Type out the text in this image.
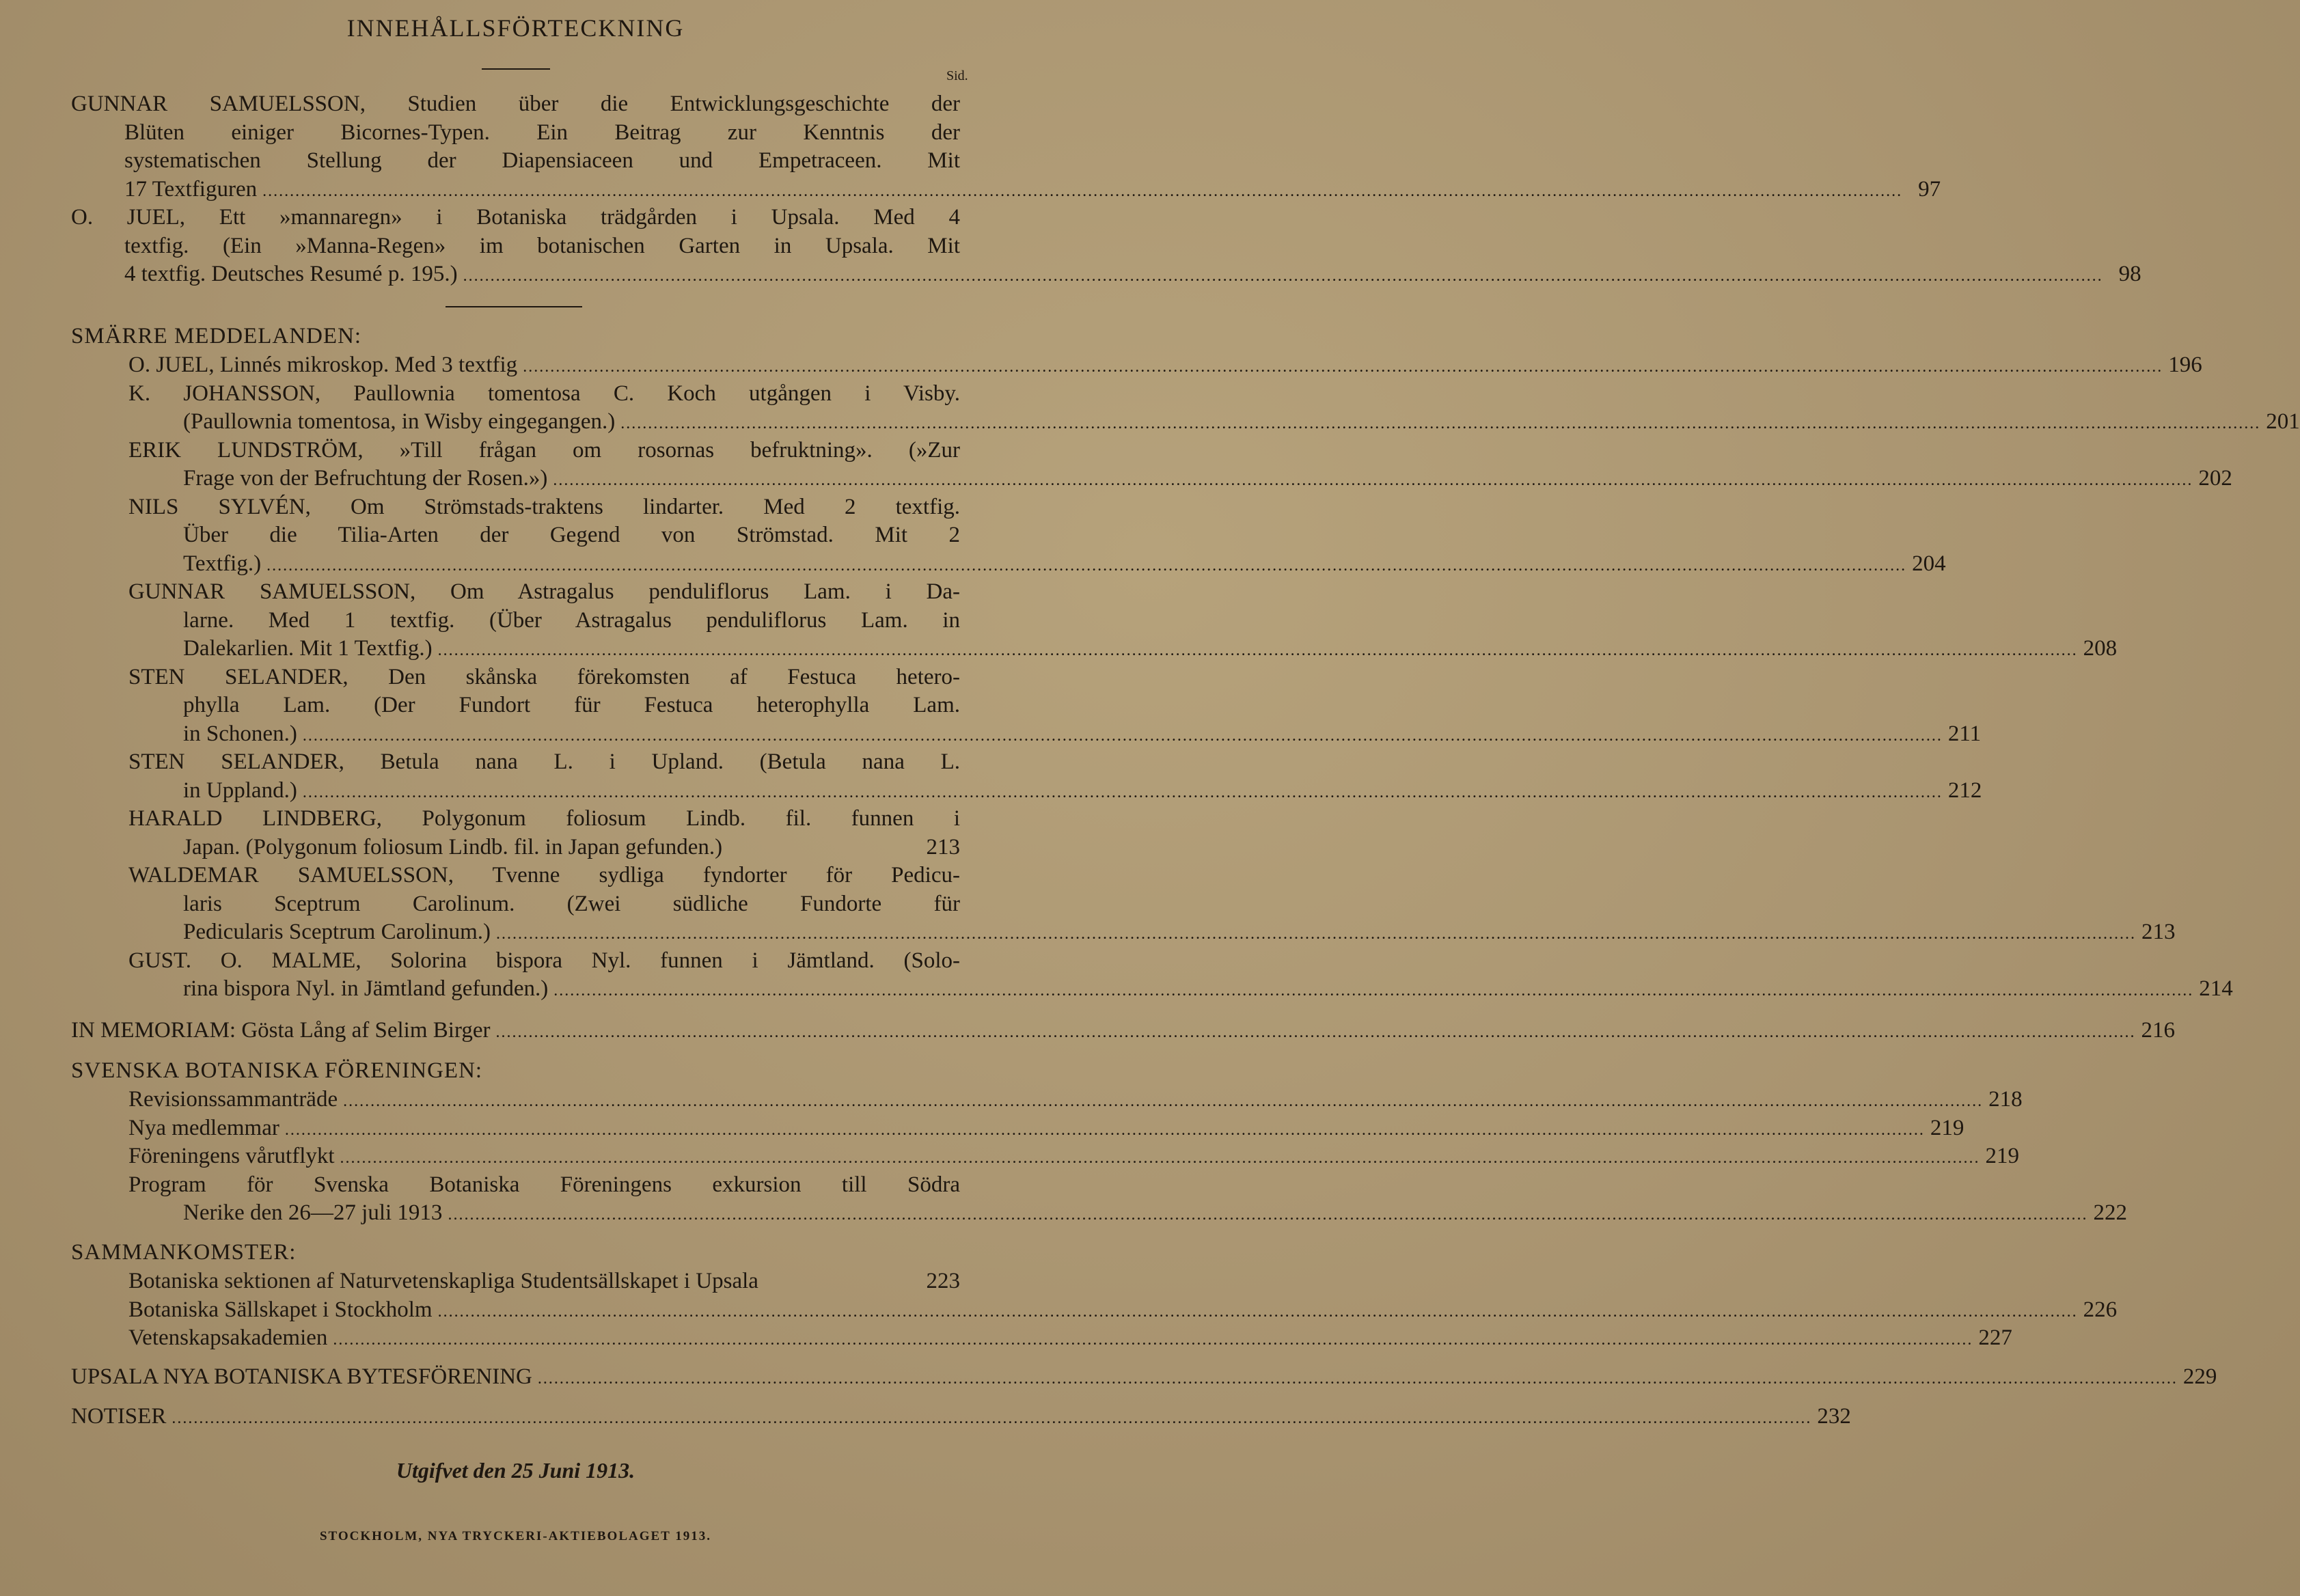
INNEHÅLLSFÖRTECKNING
Sid.
GUNNAR SAMUELSSON, Studien über die Entwicklungsgeschichte der
Blüten einiger Bicornes-Typen. Ein Beitrag zur Kenntnis der
systematischen Stellung der Diapensiaceen und Empetraceen. Mit
17 Textfiguren ............................................................................................................................................................................................................................................................................................................ 97
O. JUEL, Ett »mannaregn» i Botaniska trädgården i Upsala. Med 4
textfig. (Ein »Manna-Regen» im botanischen Garten in Upsala. Mit
4 textfig. Deutsches Resumé p. 195.) ............................................................................................................................................................................................................................................................................................................ 98
SMÄRRE MEDDELANDEN:
O. JUEL, Linnés mikroskop. Med 3 textfig ............................................................................................................................................................................................................................................................................................................ 196
K. JOHANSSON, Paullownia tomentosa C. Koch utgången i Visby.
(Paullownia tomentosa, in Wisby eingegangen.) ............................................................................................................................................................................................................................................................................................................ 201
ERIK LUNDSTRÖM, »Till frågan om rosornas befruktning». (»Zur
Frage von der Befruchtung der Rosen.») ............................................................................................................................................................................................................................................................................................................ 202
NILS SYLVÉN, Om Strömstads-traktens lindarter. Med 2 textfig.
Über die Tilia-Arten der Gegend von Strömstad. Mit 2
Textfig.) ............................................................................................................................................................................................................................................................................................................ 204
GUNNAR SAMUELSSON, Om Astragalus penduliflorus Lam. i Da-
larne. Med 1 textfig. (Über Astragalus penduliflorus Lam. in
Dalekarlien. Mit 1 Textfig.) ............................................................................................................................................................................................................................................................................................................ 208
STEN SELANDER, Den skånska förekomsten af Festuca hetero-
phylla Lam. (Der Fundort für Festuca heterophylla Lam.
in Schonen.) ............................................................................................................................................................................................................................................................................................................ 211
STEN SELANDER, Betula nana L. i Upland. (Betula nana L.
in Uppland.) ............................................................................................................................................................................................................................................................................................................ 212
HARALD LINDBERG, Polygonum foliosum Lindb. fil. funnen i
Japan. (Polygonum foliosum Lindb. fil. in Japan gefunden.)	213
WALDEMAR SAMUELSSON, Tvenne sydliga fyndorter för Pedicu-
laris Sceptrum Carolinum. (Zwei südliche Fundorte für
Pedicularis Sceptrum Carolinum.) ............................................................................................................................................................................................................................................................................................................ 213
GUST. O. MALME, Solorina bispora Nyl. funnen i Jämtland. (Solo-
rina bispora Nyl. in Jämtland gefunden.) ............................................................................................................................................................................................................................................................................................................ 214
IN MEMORIAM: Gösta Lång af Selim Birger ............................................................................................................................................................................................................................................................................................................ 216
SVENSKA BOTANISKA FÖRENINGEN:
Revisionssammanträde ............................................................................................................................................................................................................................................................................................................ 218
Nya medlemmar ............................................................................................................................................................................................................................................................................................................ 219
Föreningens vårutflykt ............................................................................................................................................................................................................................................................................................................ 219
Program för Svenska Botaniska Föreningens exkursion till Södra
Nerike den 26—27 juli 1913 ............................................................................................................................................................................................................................................................................................................ 222
SAMMANKOMSTER:
Botaniska sektionen af Naturvetenskapliga Studentsällskapet i Upsala	223
Botaniska Sällskapet i Stockholm ............................................................................................................................................................................................................................................................................................................ 226
Vetenskapsakademien ............................................................................................................................................................................................................................................................................................................ 227
UPSALA NYA BOTANISKA BYTESFÖRENING ............................................................................................................................................................................................................................................................................................................ 229
NOTISER ............................................................................................................................................................................................................................................................................................................ 232
Utgifvet den 25 Juni 1913.
STOCKHOLM, NYA TRYCKERI-AKTIEBOLAGET 1913.
